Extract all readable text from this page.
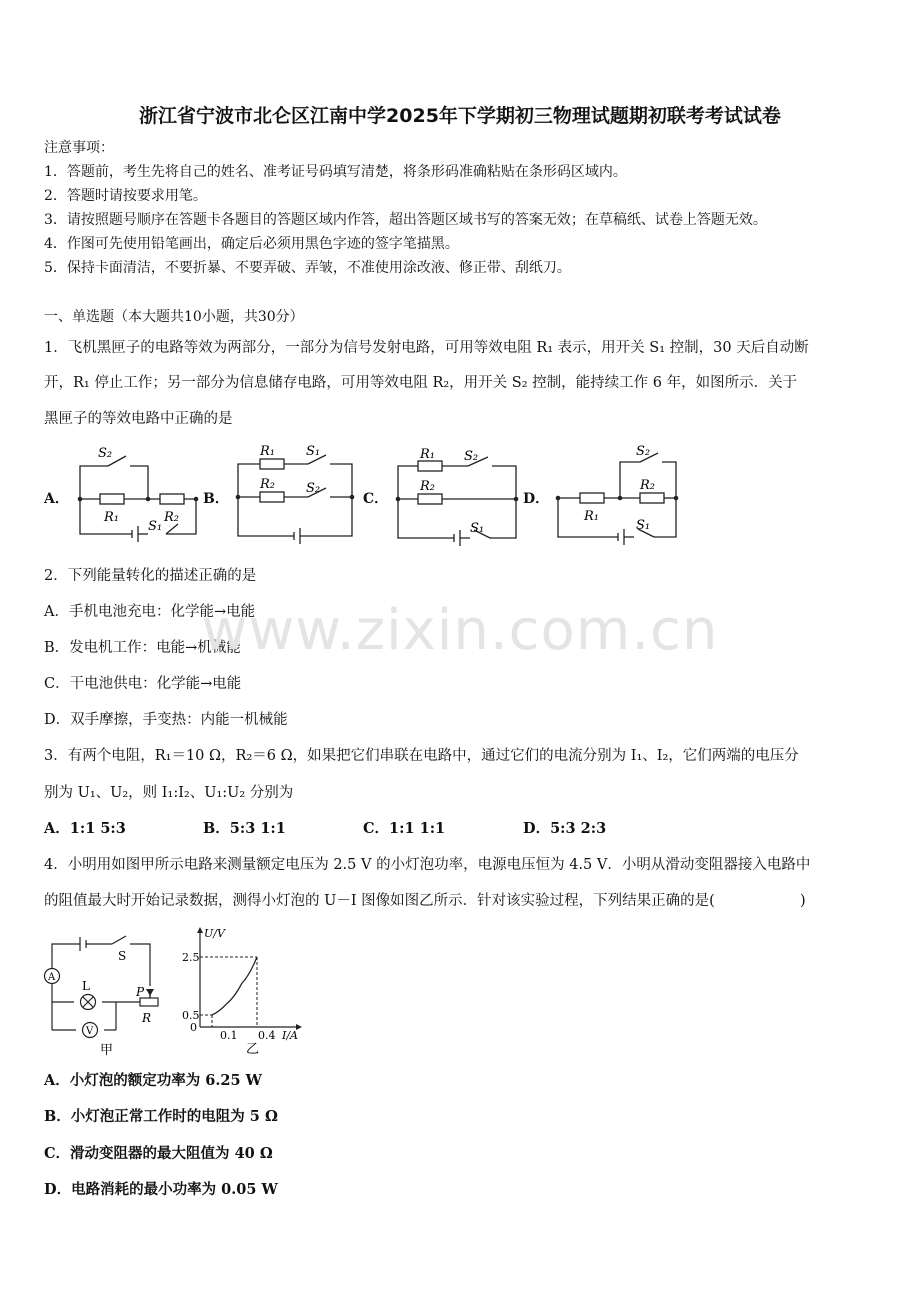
浙江省宁波市北仑区江南中学2025年下学期初三物理试题期初联考考试试卷
注意事项：
1．答题前，考生先将自己的姓名、准考证号码填写清楚，将条形码准确粘贴在条形码区域内。
2．答题时请按要求用笔。
3．请按照题号顺序在答题卡各题目的答题区域内作答，超出答题区域书写的答案无效；在草稿纸、试卷上答题无效。
4．作图可先使用铅笔画出，确定后必须用黑色字迹的签字笔描黑。
5．保持卡面清洁，不要折暴、不要弄破、弄皱，不准使用涂改液、修正带、刮纸刀。
一、单选题（本大题共10小题，共30分）
1．飞机黑匣子的电路等效为两部分，一部分为信号发射电路，可用等效电阻 R₁ 表示，用开关 S₁ 控制，30 天后自动断
开，R₁ 停止工作；另一部分为信息储存电路，可用等效电阻 R₂，用开关 S₂ 控制，能持续工作 6 年，如图所示．关于
黑匣子的等效电路中正确的是
A．	B．	C．	D．
S₂
R₁	R₂
S₁
R₁ S₁
R₂ S₂
R₁ S₂
R₂
S₁
S₂
R₂
R₁
S₁
2．下列能量转化的描述正确的是
A．手机电池充电：化学能→电能
B．发电机工作：电能→机械能
C．干电池供电：化学能→电能
D．双手摩擦，手变热：内能一机械能
www.zixin.com.cn
3．有两个电阻，R₁＝10 Ω，R₂＝6 Ω，如果把它们串联在电路中，通过它们的电流分别为 I₁、I₂，它们两端的电压分
别为 U₁、U₂，则 I₁:I₂、U₁:U₂ 分别为
A．1:1 5:3	B．5:3 1:1	C．1:1 1:1	D．5:3 2:3
4．小明用如图甲所示电路来测量额定电压为 2.5 V 的小灯泡功率，电源电压恒为 4.5 V．小明从滑动变阻器接入电路中
的阻值最大时开始记录数据，测得小灯泡的 U－I 图像如图乙所示．针对该实验过程，下列结果正确的是(	)
A
V
L
S
P
R
甲
U/V
I/A
2.5
0.5
0
0.1 0.4
乙
A．小灯泡的额定功率为 6.25 W
B．小灯泡正常工作时的电阻为 5 Ω
C．滑动变阻器的最大阻值为 40 Ω
D．电路消耗的最小功率为 0.05 W
